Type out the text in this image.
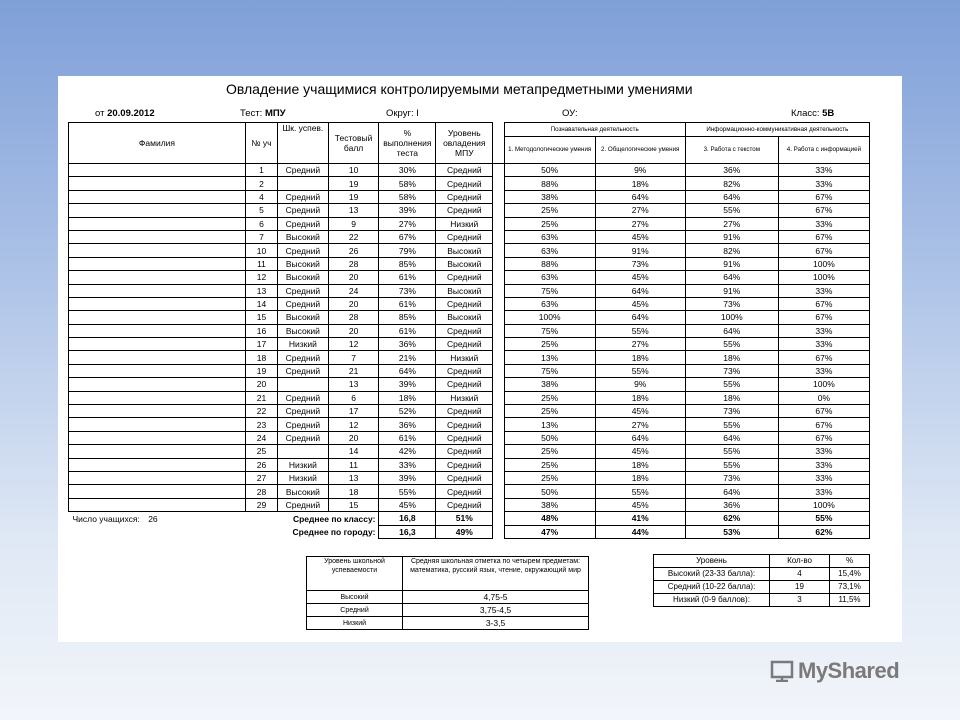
Овладение учащимися контролируемыми метапредметными умениями
от 20.09.2012	Тест: МПУ	Округ: I	ОУ:	Класс: 5В
Фамилия	№ уч	Шк. успев.	Тестовый балл	% выполнения теста	Уровень овладения МПУ		Познавательная деятельность		Информационно-коммуникативная деятельность	
							1. Методологические умения	2. Общелогические умения	3. Работа с текстом	4. Работа с информацией
	1	Средний	10	30%	Средний		50%	9%	36%	33%
	2		19	58%	Средний		88%	18%	82%	33%
	4	Средний	19	58%	Средний		38%	64%	64%	67%
	5	Средний	13	39%	Средний		25%	27%	55%	67%
	6	Средний	9	27%	Низкий		25%	27%	27%	33%
	7	Высокий	22	67%	Средний		63%	45%	91%	67%
	10	Средний	26	79%	Высокий		63%	91%	82%	67%
	11	Высокий	28	85%	Высокий		88%	73%	91%	100%
	12	Высокий	20	61%	Средний		63%	45%	64%	100%
	13	Средний	24	73%	Высокий		75%	64%	91%	33%
	14	Средний	20	61%	Средний		63%	45%	73%	67%
	15	Высокий	28	85%	Высокий		100%	64%	100%	67%
	16	Высокий	20	61%	Средний		75%	55%	64%	33%
	17	Низкий	12	36%	Средний		25%	27%	55%	33%
	18	Средний	7	21%	Низкий		13%	18%	18%	67%
	19	Средний	21	64%	Средний		75%	55%	73%	33%
	20		13	39%	Средний		38%	9%	55%	100%
	21	Средний	6	18%	Низкий		25%	18%	18%	0%
	22	Средний	17	52%	Средний		25%	45%	73%	67%
	23	Средний	12	36%	Средний		13%	27%	55%	67%
	24	Средний	20	61%	Средний		50%	64%	64%	67%
	25		14	42%	Средний		25%	45%	55%	33%
	26	Низкий	11	33%	Средний		25%	18%	55%	33%
	27	Низкий	13	39%	Средний		25%	18%	73%	33%
	28	Высокий	18	55%	Средний		50%	55%	64%	33%
	29	Средний	15	45%	Средний		38%	45%	36%	100%
Число учащихся: 26	Среднее по классу:			16,8	51%		48%	41%	62%	55%
	Среднее по городу:			16,3	49%		47%	44%	53%	62%
Уровень школьной успеваемости	Средняя школьная отметка по четырем предметам: математика, русский язык, чтение, окружающий мир
Высокий	4,75-5
Средний	3,75-4,5
Низкий	3-3,5
Уровень	Кол-во	%
Высокий (23-33 балла):	4	15,4%
Средний (10-22 балла):	19	73,1%
Низкий (0-9 баллов):	3	11,5%
MyShared
